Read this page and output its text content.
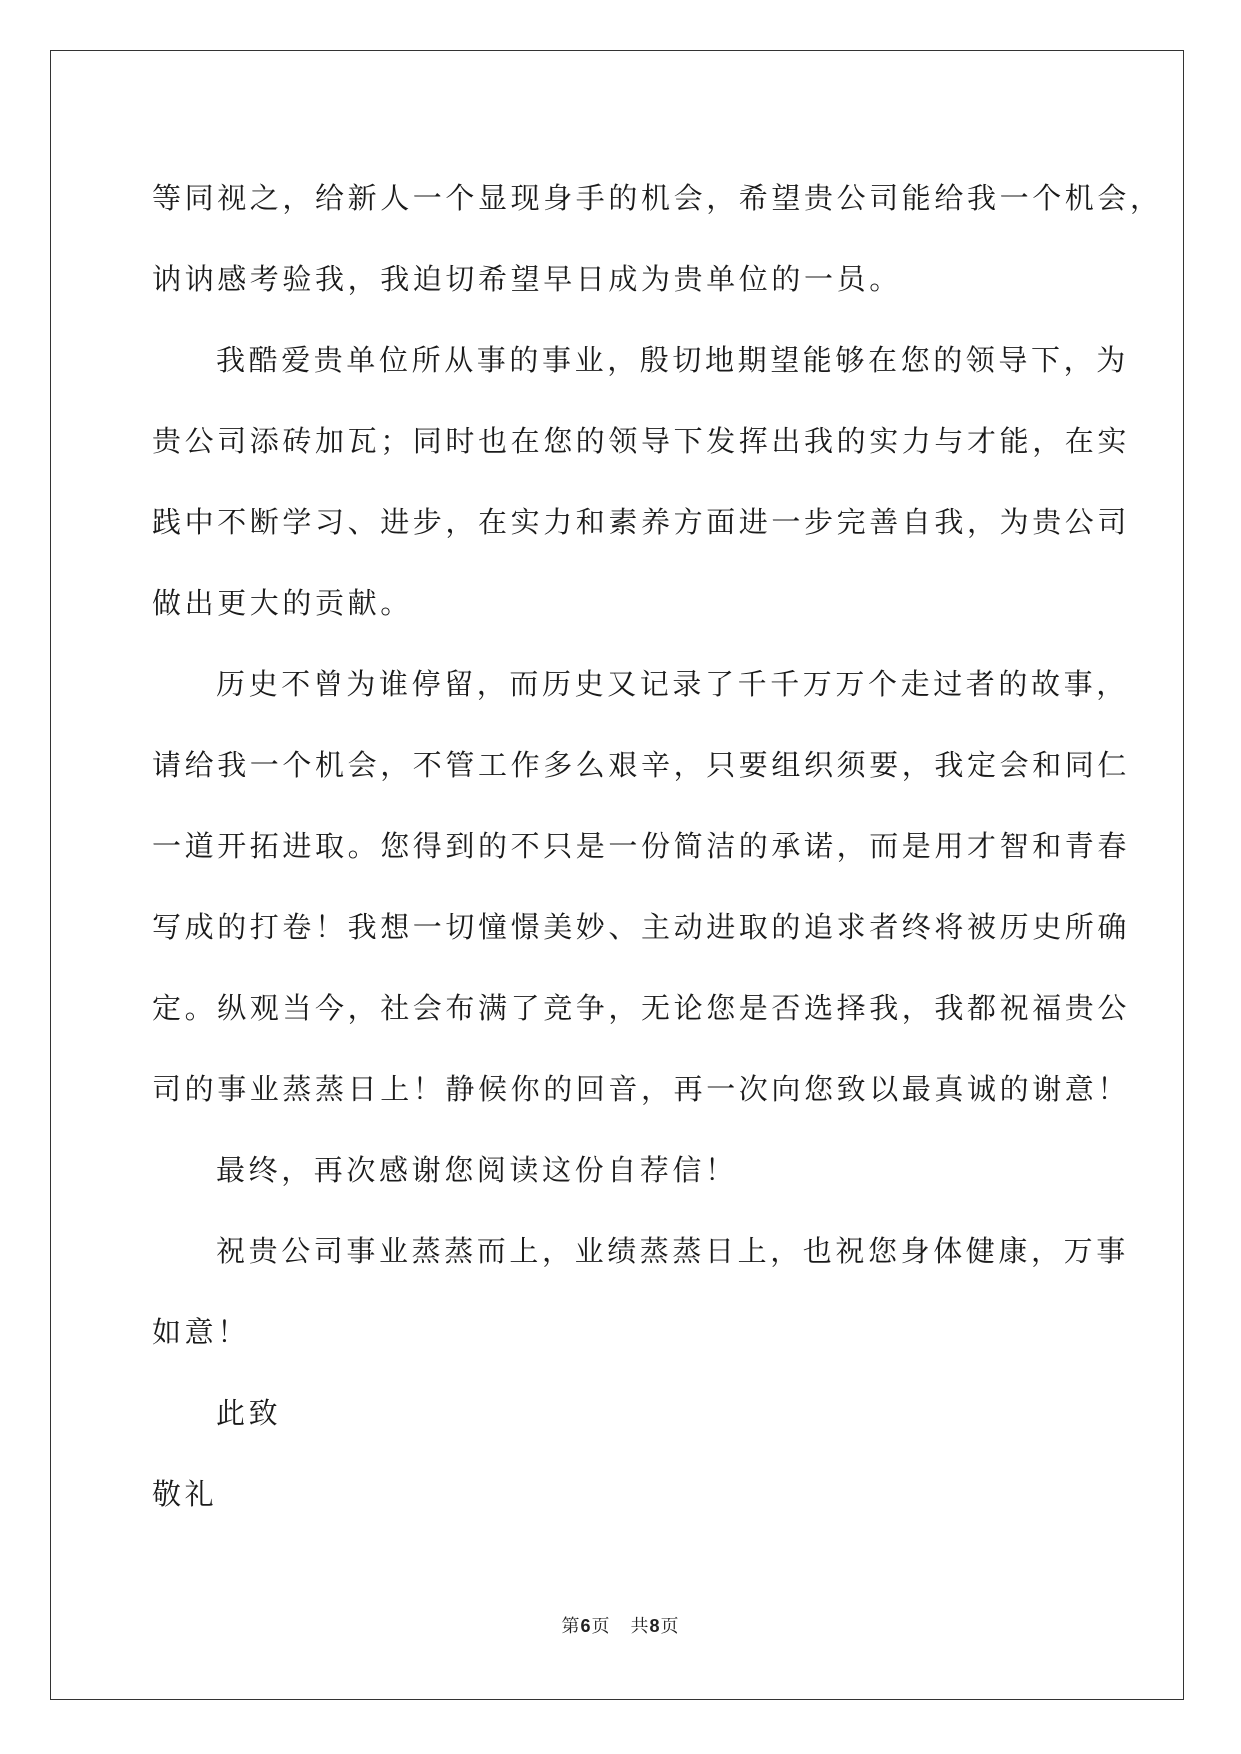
等同视之，给新人一个显现身手的机会，希望贵公司能给我一个机会，
讷讷感考验我，我迫切希望早日成为贵单位的一员。
我酷爱贵单位所从事的事业，殷切地期望能够在您的领导下，为
贵公司添砖加瓦；同时也在您的领导下发挥出我的实力与才能，在实
践中不断学习、进步，在实力和素养方面进一步完善自我，为贵公司
做出更大的贡献。
历史不曾为谁停留，而历史又记录了千千万万个走过者的故事，
请给我一个机会，不管工作多么艰辛，只要组织须要，我定会和同仁
一道开拓进取。您得到的不只是一份简洁的承诺，而是用才智和青春
写成的打卷！我想一切憧憬美妙、主动进取的追求者终将被历史所确
定。纵观当今，社会布满了竞争，无论您是否选择我，我都祝福贵公
司的事业蒸蒸日上！静候你的回音，再一次向您致以最真诚的谢意！
最终，再次感谢您阅读这份自荐信！
祝贵公司事业蒸蒸而上，业绩蒸蒸日上，也祝您身体健康，万事
如意！
此致
敬礼
第6页 共8页
